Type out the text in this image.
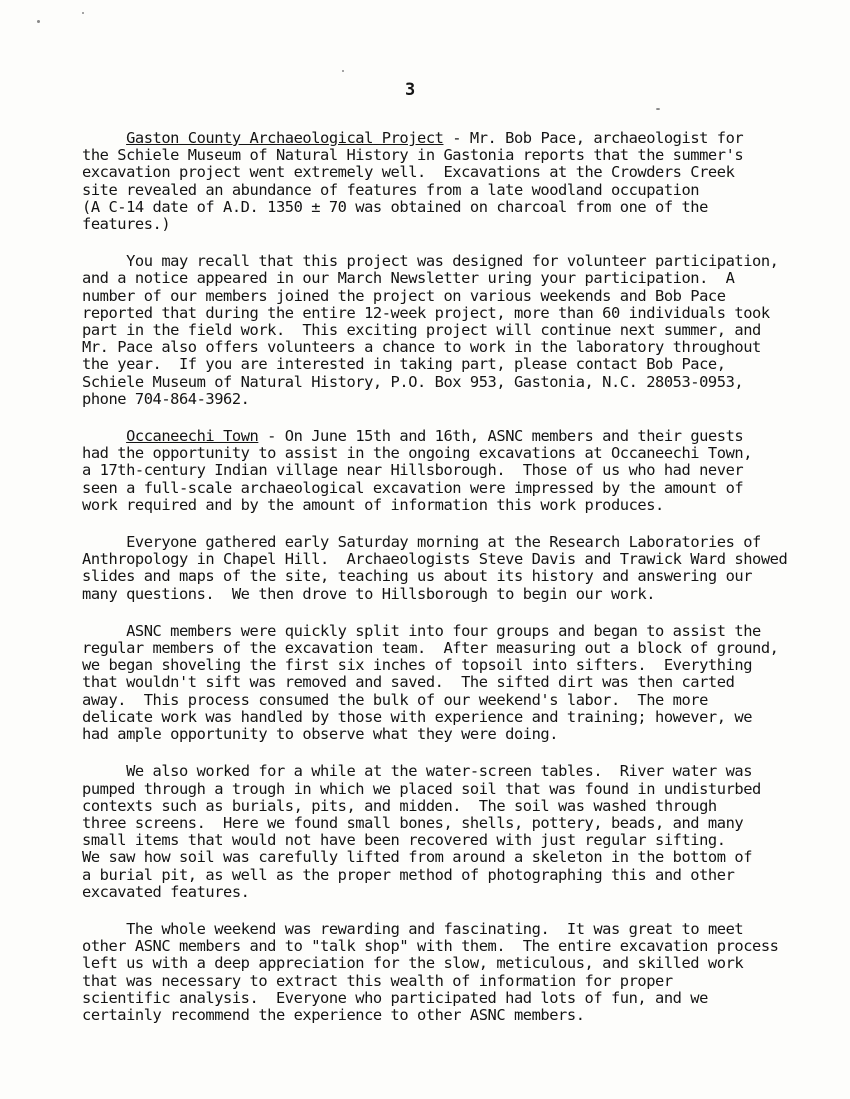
3
Gaston County Archaeological Project - Mr. Bob Pace, archaeologist for
the Schiele Museum of Natural History in Gastonia reports that the summer's
excavation project went extremely well.  Excavations at the Crowders Creek
site revealed an abundance of features from a late woodland occupation
(A C-14 date of A.D. 1350 ± 70 was obtained on charcoal from one of the
features.)
You may recall that this project was designed for volunteer participation,
and a notice appeared in our March Newsletter uring your participation.  A
number of our members joined the project on various weekends and Bob Pace
reported that during the entire 12-week project, more than 60 individuals took
part in the field work.  This exciting project will continue next summer, and
Mr. Pace also offers volunteers a chance to work in the laboratory throughout
the year.  If you are interested in taking part, please contact Bob Pace,
Schiele Museum of Natural History, P.O. Box 953, Gastonia, N.C. 28053-0953,
phone 704-864-3962.
Occaneechi Town - On June 15th and 16th, ASNC members and their guests
had the opportunity to assist in the ongoing excavations at Occaneechi Town,
a 17th-century Indian village near Hillsborough.  Those of us who had never
seen a full-scale archaeological excavation were impressed by the amount of
work required and by the amount of information this work produces.
Everyone gathered early Saturday morning at the Research Laboratories of
Anthropology in Chapel Hill.  Archaeologists Steve Davis and Trawick Ward showed
slides and maps of the site, teaching us about its history and answering our
many questions.  We then drove to Hillsborough to begin our work.
ASNC members were quickly split into four groups and began to assist the
regular members of the excavation team.  After measuring out a block of ground,
we began shoveling the first six inches of topsoil into sifters.  Everything
that wouldn't sift was removed and saved.  The sifted dirt was then carted
away.  This process consumed the bulk of our weekend's labor.  The more
delicate work was handled by those with experience and training; however, we
had ample opportunity to observe what they were doing.
We also worked for a while at the water-screen tables.  River water was
pumped through a trough in which we placed soil that was found in undisturbed
contexts such as burials, pits, and midden.  The soil was washed through
three screens.  Here we found small bones, shells, pottery, beads, and many
small items that would not have been recovered with just regular sifting.
We saw how soil was carefully lifted from around a skeleton in the bottom of
a burial pit, as well as the proper method of photographing this and other
excavated features.
The whole weekend was rewarding and fascinating.  It was great to meet
other ASNC members and to "talk shop" with them.  The entire excavation process
left us with a deep appreciation for the slow, meticulous, and skilled work
that was necessary to extract this wealth of information for proper
scientific analysis.  Everyone who participated had lots of fun, and we
certainly recommend the experience to other ASNC members.
